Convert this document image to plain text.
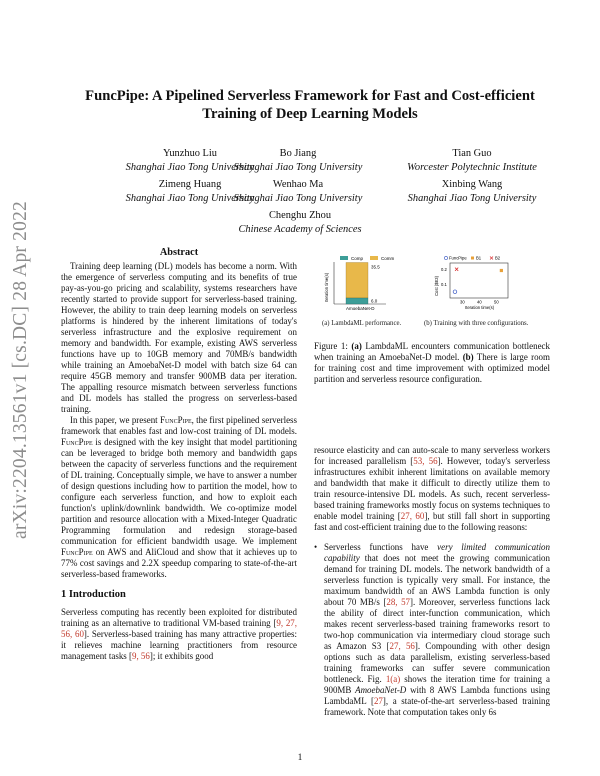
arXiv:2204.13561v1 [cs.DC] 28 Apr 2022
FuncPipe: A Pipelined Serverless Framework for Fast and Cost-efficient Training of Deep Learning Models
Yunzhuo Liu
Shanghai Jiao Tong University
Bo Jiang
Shanghai Jiao Tong University
Tian Guo
Worcester Polytechnic Institute
Zimeng Huang
Shanghai Jiao Tong University
Wenhao Ma
Shanghai Jiao Tong University
Xinbing Wang
Shanghai Jiao Tong University
Chenghu Zhou
Chinese Academy of Sciences
Abstract

Training deep learning (DL) models has become a norm. With the emergence of serverless computing and its benefits of true pay-as-you-go pricing and scalability, systems researchers have recently started to provide support for serverless-based training. However, the ability to train deep learning models on serverless platforms is hindered by the inherent limitations of today's serverless infrastructure and the explosive requirement on memory and bandwidth. For example, existing AWS serverless functions have up to 10GB memory and 70MB/s bandwidth while training an AmoebaNet-D model with batch size 64 can require 45GB memory and transfer 900MB data per iteration. The appalling resource mismatch between serverless functions and DL models has stalled the progress on serverless-based training.

In this paper, we present FuncPipe, the first pipelined serverless framework that enables fast and low-cost training of DL models. FuncPipe is designed with the key insight that model partitioning can be leveraged to bridge both memory and bandwidth gaps between the capacity of serverless functions and the requirement of DL training. Conceptually simple, we have to answer a number of design questions including how to partition the model, how to configure each serverless function, and how to exploit each function's uplink/downlink bandwidth. We co-optimize model partition and resource allocation with a Mixed-Integer Quadratic Programming formulation and redesign storage-based communication for efficient bandwidth usage. We implement FuncPipe on AWS and AliCloud and show that it achieves up to 77% cost savings and 2.2X speedup comparing to state-of-the-art serverless-based frameworks.

1 Introduction

Serverless computing has recently been exploited for distributed training as an alternative to traditional VM-based training [9, 27, 56, 60]. Serverless-based training has many attractive properties: it relieves machine learning practitioners from resource management tasks [9, 56]; it exhibits good

Comp	Comm
Iteration time(s)
35.5
6.0
AmoebaNet-D
FuncPipe B1	B2
Cost ($E3)
0.2
0.1
30	40	50
Iteration time(s)
(a) LambdaML performance.	(b) Training with three configurations.

Figure 1: (a) LambdaML encounters communication bottleneck when training an AmoebaNet-D model. (b) There is large room for training cost and time improvement with optimized model partition and serverless resource configuration.

resource elasticity and can auto-scale to many serverless workers for increased parallelism [53, 56]. However, today's serverless infrastructures exhibit inherent limitations on available memory and bandwidth that make it difficult to directly utilize them to train resource-intensive DL models. As such, recent serverless-based training frameworks mostly focus on systems techniques to enable model training [27, 60], but still fall short in supporting fast and cost-efficient training due to the following reasons:

• Serverless functions have very limited communication capability that does not meet the growing communication demand for training DL models. The network bandwidth of a serverless function is typically very small. For instance, the maximum bandwidth of an AWS Lambda function is only about 70 MB/s [28, 57]. Moreover, serverless functions lack the ability of direct inter-function communication, which makes recent serverless-based training frameworks resort to two-hop communication via intermediary cloud storage such as Amazon S3 [27, 56]. Compounding with other design options such as data parallelism, existing serverless-based training frameworks can suffer severe communication bottleneck. Fig. 1(a) shows the iteration time for training a 900MB AmoebaNet-D with 8 AWS Lambda functions using LambdaML [27], a state-of-the-art serverless-based training framework. Note that computation takes only 6s

1
